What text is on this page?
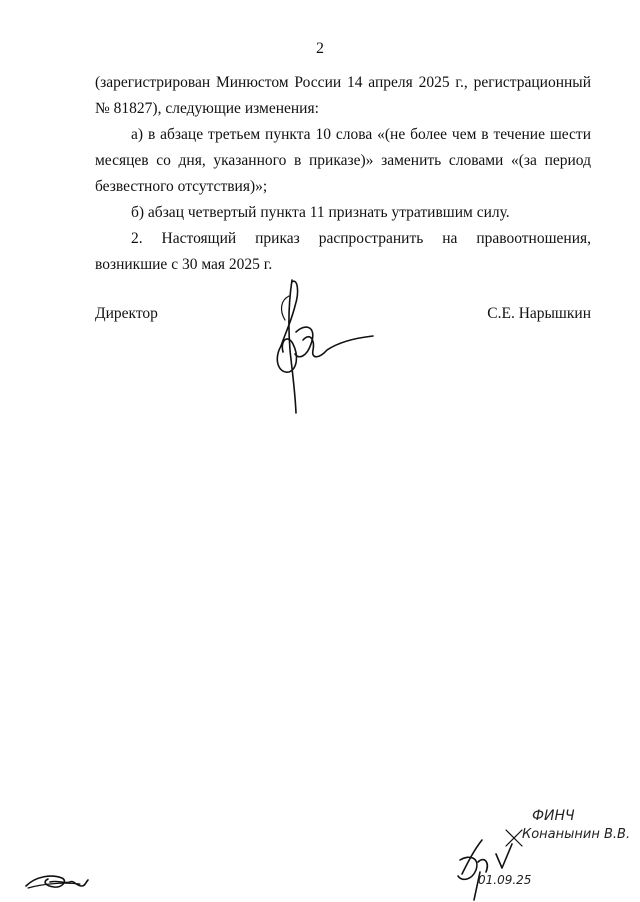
2

(зарегистрирован Минюстом России 14 апреля 2025 г., регистрационный № 81827), следующие изменения:

а) в абзаце третьем пункта 10 слова «(не более чем в течение шести месяцев со дня, указанного в приказе)» заменить словами «(за период безвестного отсутствия)»;

б) абзац четвертый пункта 11 признать утратившим силу.

2. Настоящий приказ распространить на правоотношения, возникшие с 30 мая 2025 г.

Директор	С.Е. Нарышкин
ФИНЧ
Конанынин В.В.
01.09.25
